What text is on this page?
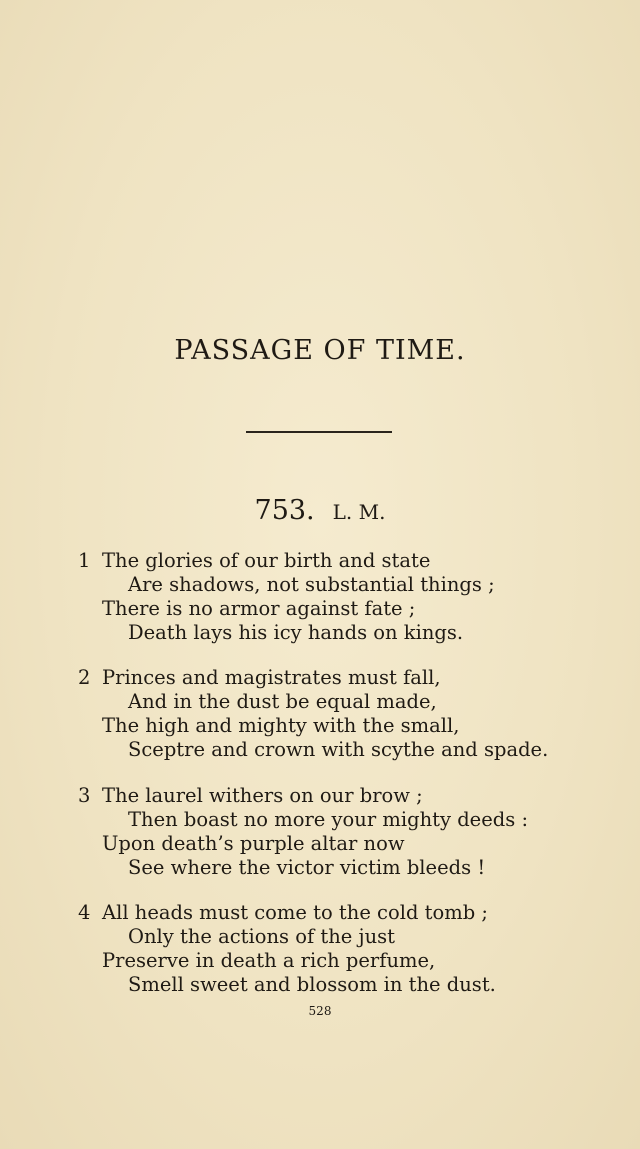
PASSAGE OF TIME.
753. L. M.
1 The glories of our birth and state
Are shadows, not substantial things ;
There is no armor against fate ;
Death lays his icy hands on kings.
2 Princes and magistrates must fall,
And in the dust be equal made,
The high and mighty with the small,
Sceptre and crown with scythe and spade.
3 The laurel withers on our brow ;
Then boast no more your mighty deeds :
Upon death’s purple altar now
See where the victor victim bleeds !
4 All heads must come to the cold tomb ;
Only the actions of the just
Preserve in death a rich perfume,
Smell sweet and blossom in the dust.
528
